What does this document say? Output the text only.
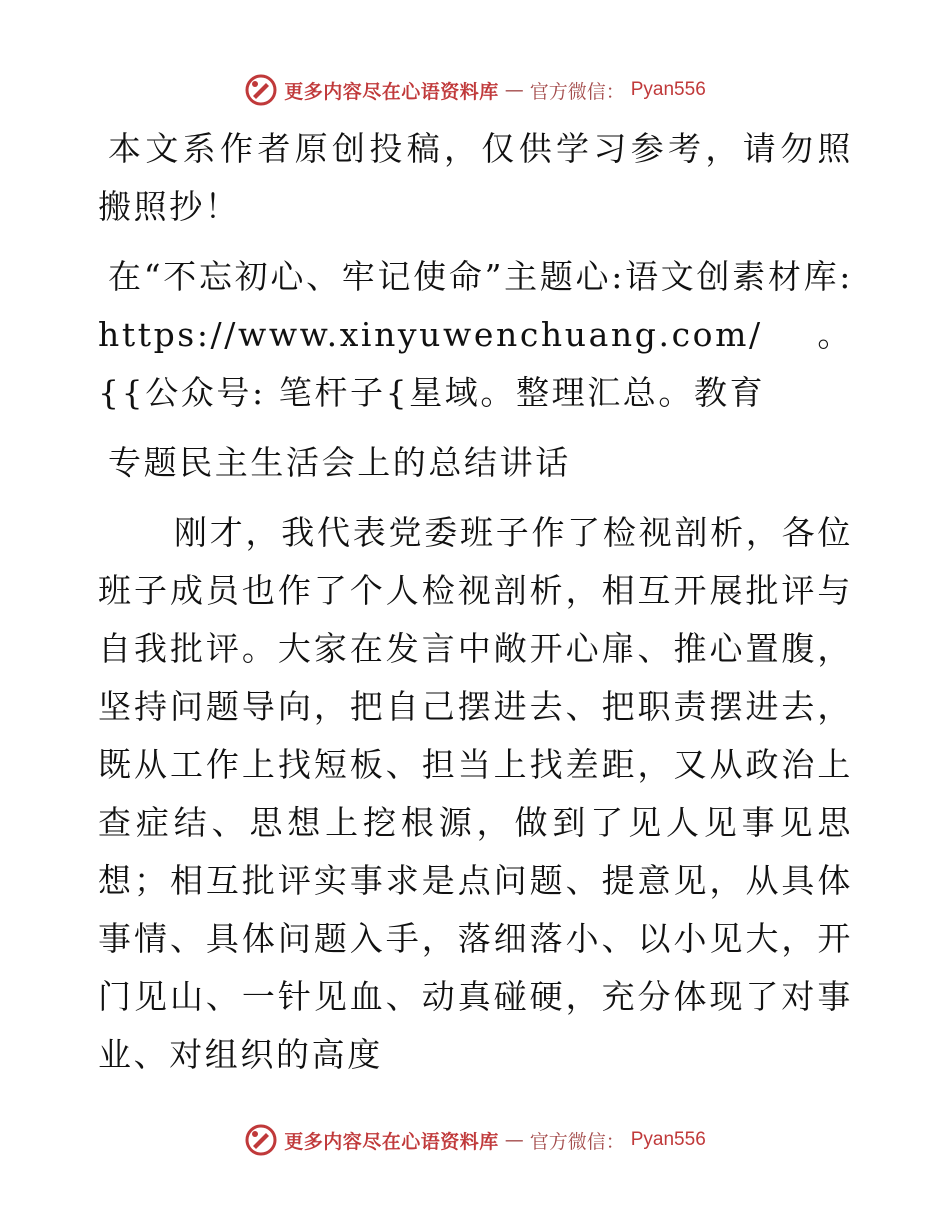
更多内容尽在心语资料库 — 官方微信： Pyan556

本文系作者原创投稿，仅供学习参考，请勿照搬照抄！

在“不忘初心、牢记使命”主题心:语文创素材库: https://www.xinyuwenchuang.com/。{{公众号: 笔杆子{星域。整理汇总。教育

专题民主生活会上的总结讲话

刚才，我代表党委班子作了检视剖析，各位班子成员也作了个人检视剖析，相互开展批评与自我批评。大家在发言中敞开心扉、推心置腹，坚持问题导向，把自己摆进去、把职责摆进去，既从工作上找短板、担当上找差距，又从政治上查症结、思想上挖根源，做到了见人见事见思想；相互批评实事求是点问题、提意见，从具体事情、具体问题入手，落细落小、以小见大，开门见山、一针见血、动真碰硬，充分体现了对事业、对组织的高度

更多内容尽在心语资料库 — 官方微信： Pyan556
